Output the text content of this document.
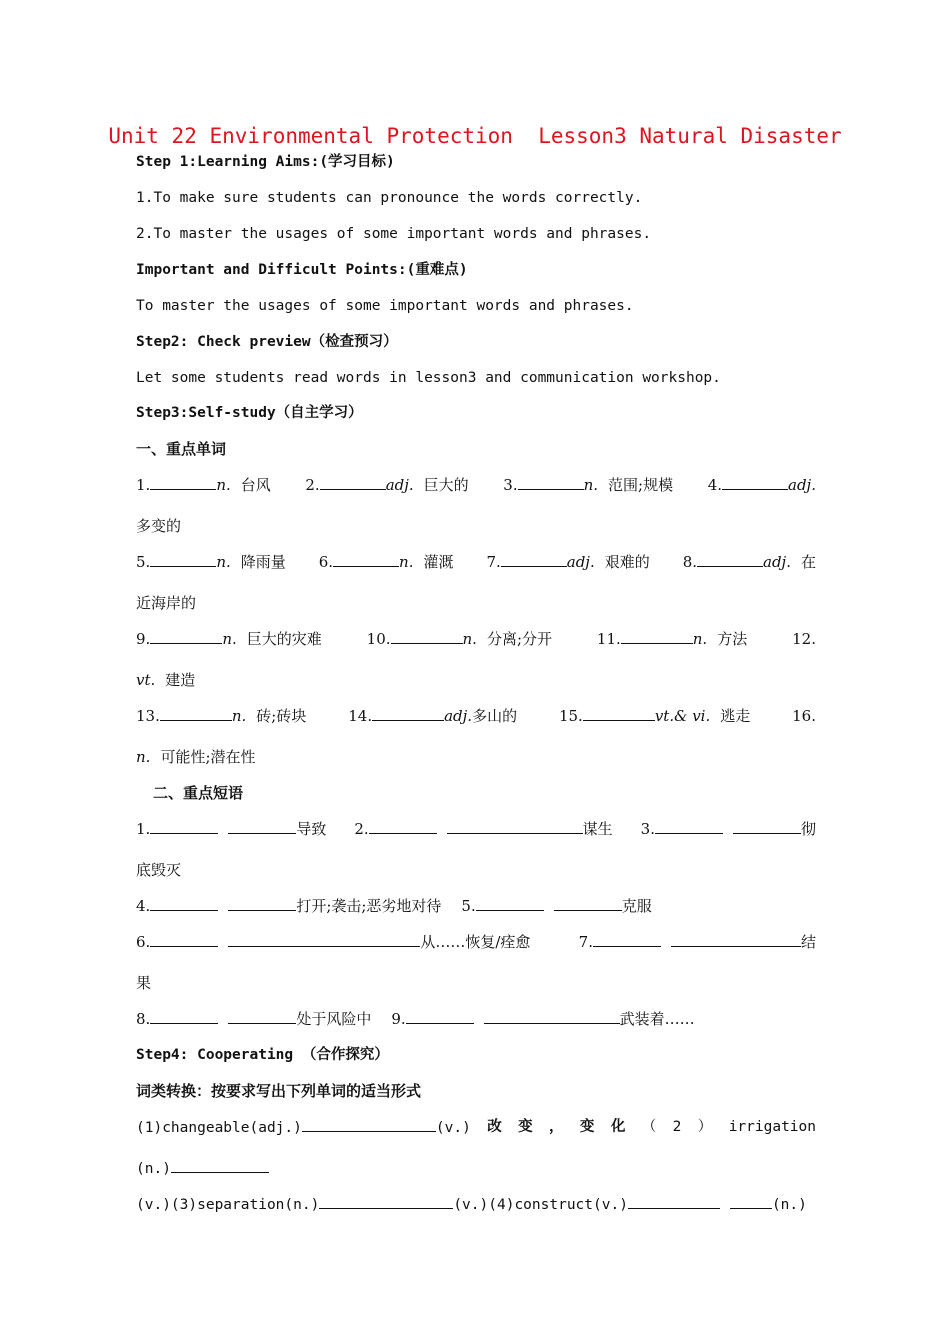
Unit 22 Environmental Protection  Lesson3 Natural Disaster
Step 1:Learning Aims:(学习目标)
1.To make sure students can pronounce the words correctly.
2.To master the usages of some important words and phrases.
Important and Difficult Points:(重难点)
To master the usages of some important words and phrases.
Step2: Check preview（检查预习）
Let some students read words in lesson3 and communication workshop.
Step3:Self-study（自主学习）
一、重点单词
1.	n. 台风 2.	adj. 巨大的 3.	n. 范围;规模 4.	adj.
多变的
5.	n. 降雨量 6.	n. 灌溉 7.	adj. 艰难的 8.	adj. 在
近海岸的
9.	n. 巨大的灾难	10.	n. 分离;分开	11.	n. 方法	12.
vt. 建造
13.	n. 砖;砖块	14.	adj.多山的	15.	vt.& vi. 逃走	16.
n. 可能性;潜在性
二、重点短语
1.	导致 2.	谋生 3.	彻
底毁灭
4.	打开;袭击;恶劣地对待 5.	克服
6.	从……恢复/痊愈	7.	结
果
8.	处于风险中 9.	武装着……
Step4: Cooperating （合作探究）
词类转换：按要求写出下列单词的适当形式
(1)changeable(adj.)	(v.) 改 变 ， 变 化 （ 2 ） irrigation
(n.)
(v.)(3)separation(n.)	(v.)(4)construct(v.)	(n.)
